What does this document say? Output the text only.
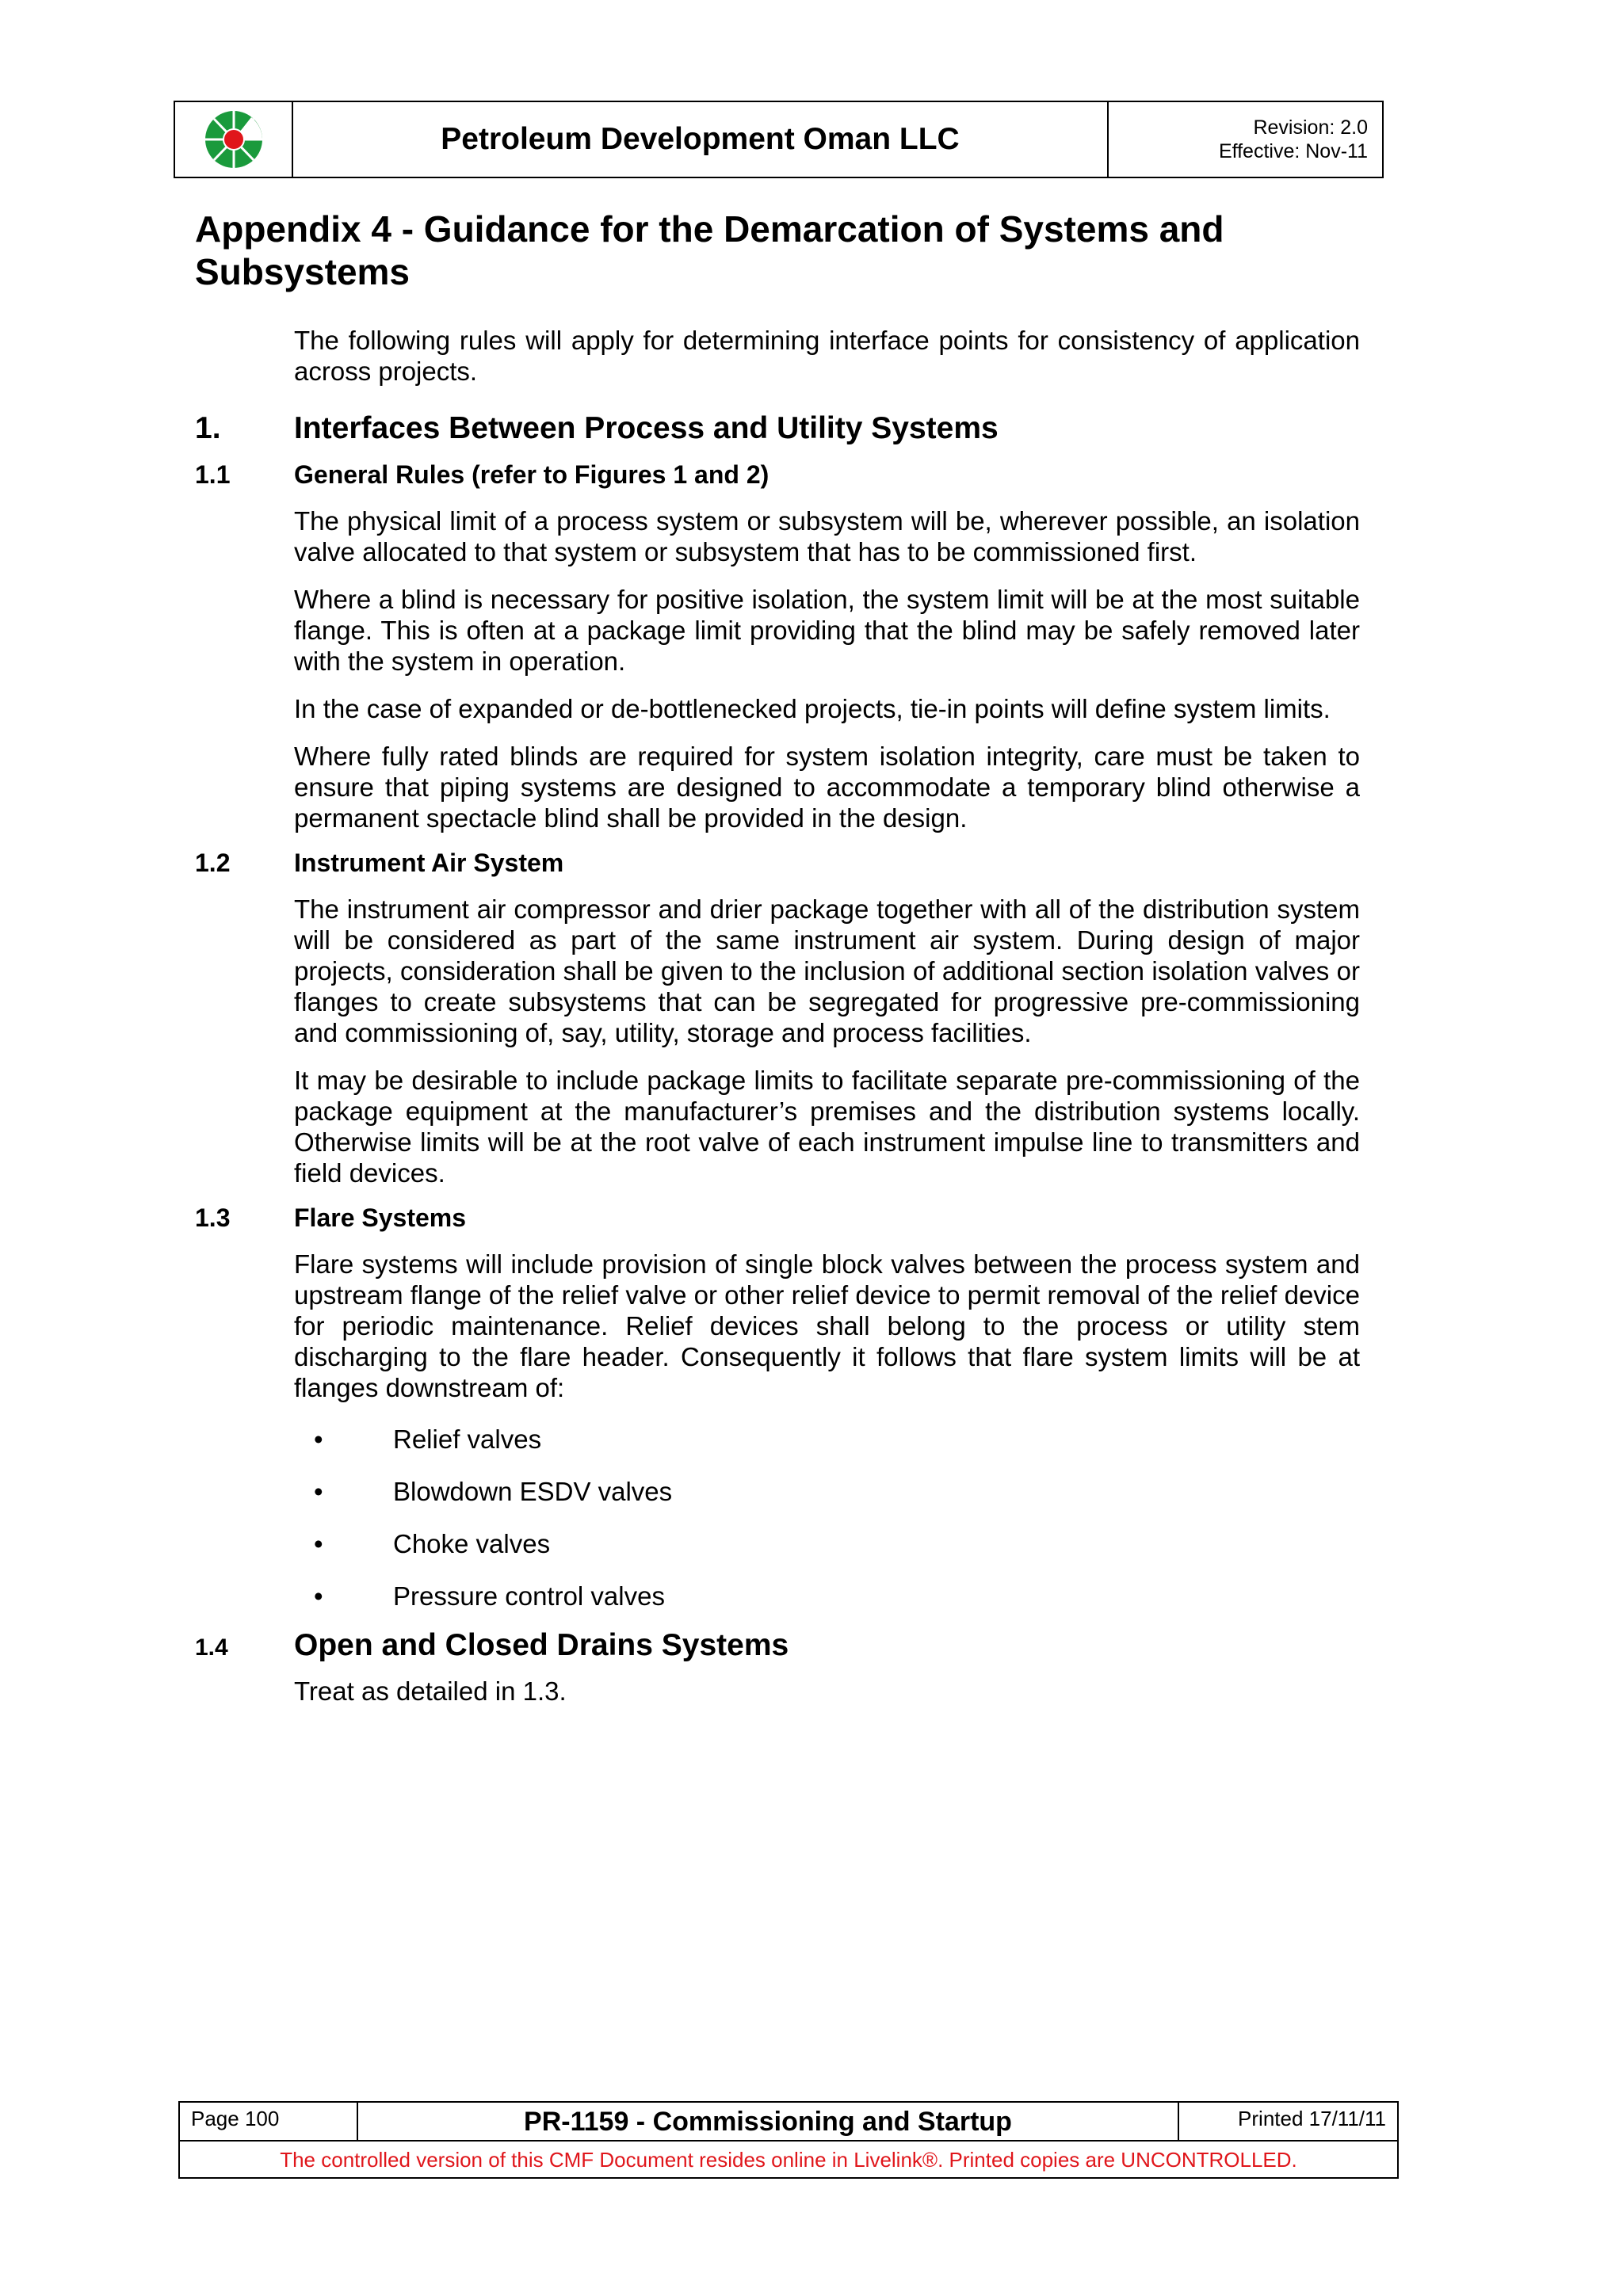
Petroleum Development Oman LLC	Revision: 2.0
Effective: Nov-11
Appendix 4 - Guidance for the Demarcation of Systems and Subsystems

The following rules will apply for determining interface points for consistency of application across projects.

1.	Interfaces Between Process and Utility Systems
1.1	General Rules (refer to Figures 1 and 2)

The physical limit of a process system or subsystem will be, wherever possible, an isolation valve allocated to that system or subsystem that has to be commissioned first.

Where a blind is necessary for positive isolation, the system limit will be at the most suitable flange. This is often at a package limit providing that the blind may be safely removed later with the system in operation.

In the case of expanded or de-bottlenecked projects, tie-in points will define system limits.

Where fully rated blinds are required for system isolation integrity, care must be taken to ensure that piping systems are designed to accommodate a temporary blind otherwise a permanent spectacle blind shall be provided in the design.

1.2	Instrument Air System

The instrument air compressor and drier package together with all of the distribution system will be considered as part of the same instrument air system. During design of major projects, consideration shall be given to the inclusion of additional section isolation valves or flanges to create subsystems that can be segregated for progressive pre-commissioning and commissioning of, say, utility, storage and process facilities.

It may be desirable to include package limits to facilitate separate pre-commissioning of the package equipment at the manufacturer’s premises and the distribution systems locally. Otherwise limits will be at the root valve of each instrument impulse line to transmitters and field devices.

1.3	Flare Systems

Flare systems will include provision of single block valves between the process system and upstream flange of the relief valve or other relief device to permit removal of the relief device for periodic maintenance. Relief devices shall belong to the process or utility stem discharging to the flare header. Consequently it follows that flare system limits will be at flanges downstream of:

•	Relief valves
•	Blowdown ESDV valves
•	Choke valves
•	Pressure control valves
1.4	Open and Closed Drains Systems

Treat as detailed in 1.3.

Page 100	PR-1159 - Commissioning and Startup	Printed 17/11/11
The controlled version of this CMF Document resides online in Livelink®. Printed copies are UNCONTROLLED.
